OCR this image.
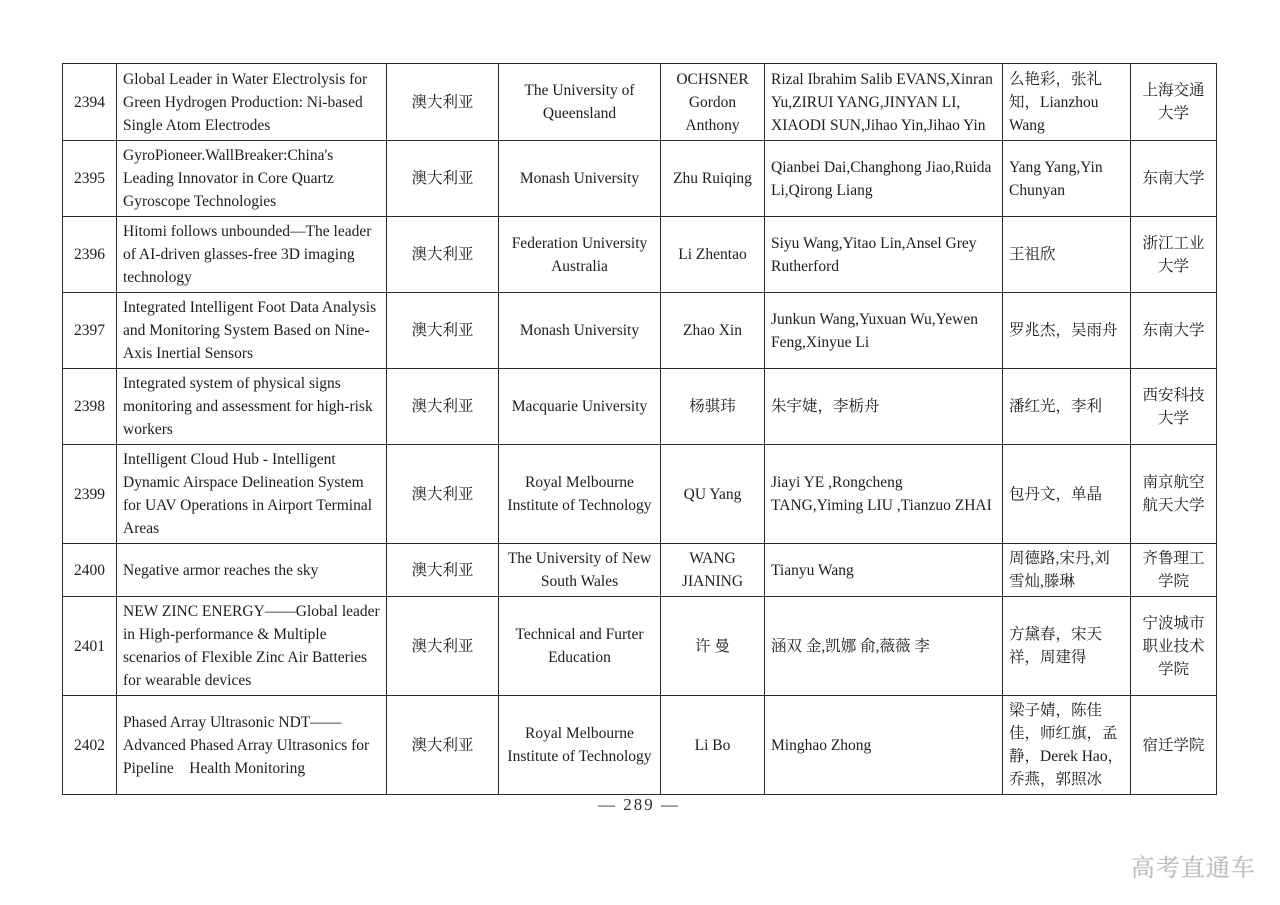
2394	Global Leader in Water Electrolysis for Green Hydrogen Production: Ni-based Single Atom Electrodes	澳大利亚	The University of Queensland	OCHSNER Gordon Anthony	Rizal Ibrahim Salib EVANS,Xinran Yu,ZIRUI YANG,JINYAN LI, XIAODI SUN,Jihao Yin,Jihao Yin	么艳彩，张礼知，Lianzhou Wang	上海交通大学
2395	GyroPioneer.WallBreaker:China's Leading Innovator in Core Quartz Gyroscope Technologies	澳大利亚	Monash University	Zhu Ruiqing	Qianbei Dai,Changhong Jiao,Ruida Li,Qirong Liang	Yang Yang,Yin Chunyan	东南大学
2396	Hitomi follows unbounded—The leader of AI-driven glasses-free 3D imaging technology	澳大利亚	Federation University Australia	Li Zhentao	Siyu Wang,Yitao Lin,Ansel Grey Rutherford	王祖欣	浙江工业大学
2397	Integrated Intelligent Foot Data Analysis and Monitoring System Based on Nine-Axis Inertial Sensors	澳大利亚	Monash University	Zhao Xin	Junkun Wang,Yuxuan Wu,Yewen Feng,Xinyue Li	罗兆杰，吴雨舟	东南大学
2398	Integrated system of physical signs monitoring and assessment for high-risk workers	澳大利亚	Macquarie University	杨骐玮	朱宇婕，李栃舟	潘红光，李利	西安科技大学
2399	Intelligent Cloud Hub - Intelligent Dynamic Airspace Delineation System for UAV Operations in Airport Terminal Areas	澳大利亚	Royal Melbourne Institute of Technology	QU Yang	Jiayi YE ,Rongcheng TANG,Yiming LIU ,Tianzuo ZHAI	包丹文，单晶	南京航空航天大学
2400	Negative armor reaches the sky	澳大利亚	The University of New South Wales	WANG JIANING	Tianyu Wang	周德路,宋丹,刘雪灿,滕琳	齐鲁理工学院
2401	NEW ZINC ENERGY——Global leader in High-performance & Multiple scenarios of Flexible Zinc Air Batteries for wearable devices	澳大利亚	Technical and Furter Education	许 曼	涵双 金,凯娜 俞,薇薇 李	方黛春，宋天祥，周建得	宁波城市职业技术学院
2402	Phased Array Ultrasonic NDT——Advanced Phased Array Ultrasonics for Pipeline　Health Monitoring	澳大利亚	Royal Melbourne Institute of Technology	Li Bo	Minghao Zhong	梁子婧，陈佳佳，师红旗，孟静，Derek Hao，乔燕，郭照冰	宿迁学院
— 289 —
高考直通车
